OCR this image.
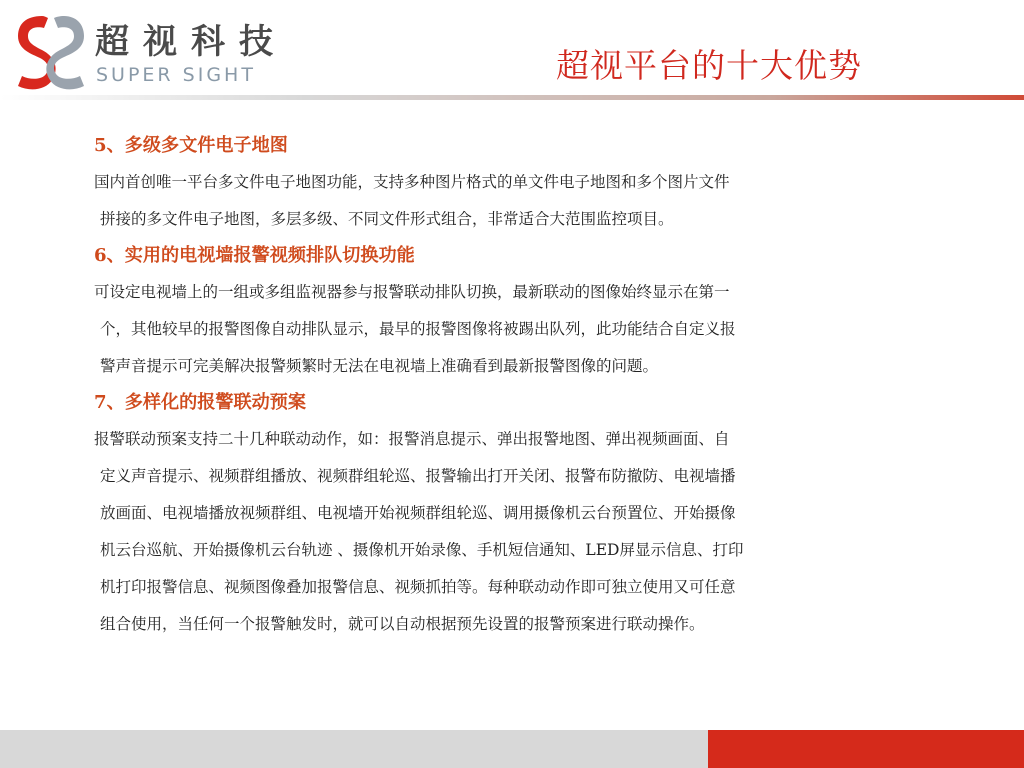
超视科技
SUPER SIGHT	超视平台的十大优势
5、多级多文件电子地图

国内首创唯一平台多文件电子地图功能，支持多种图片格式的单文件电子地图和多个图片文件
拼接的多文件电子地图，多层多级、不同文件形式组合，非常适合大范围监控项目。

6、实用的电视墙报警视频排队切换功能

可设定电视墙上的一组或多组监视器参与报警联动排队切换，最新联动的图像始终显示在第一
个，其他较早的报警图像自动排队显示，最早的报警图像将被踢出队列，此功能结合自定义报
警声音提示可完美解决报警频繁时无法在电视墙上准确看到最新报警图像的问题。

7、多样化的报警联动预案

报警联动预案支持二十几种联动动作，如：报警消息提示、弹出报警地图、弹出视频画面、自
定义声音提示、视频群组播放、视频群组轮巡、报警输出打开关闭、报警布防撤防、电视墙播
放画面、电视墙播放视频群组、电视墙开始视频群组轮巡、调用摄像机云台预置位、开始摄像
机云台巡航、开始摄像机云台轨迹 、摄像机开始录像、手机短信通知、LED屏显示信息、打印
机打印报警信息、视频图像叠加报警信息、视频抓拍等。每种联动动作即可独立使用又可任意
组合使用，当任何一个报警触发时，就可以自动根据预先设置的报警预案进行联动操作。
